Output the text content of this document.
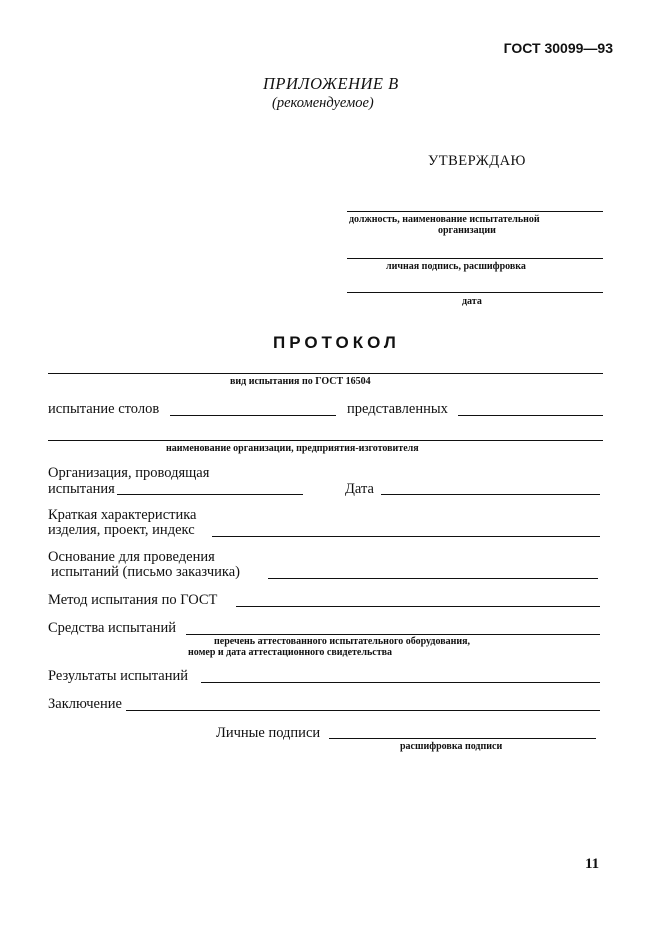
ГОСТ 30099—93
ПРИЛОЖЕНИЕ В
(рекомендуемое)
УТВЕРЖДАЮ
должность, наименование испытательной
организации
личная подпись, расшифровка
дата
ПРОТОКОЛ
вид испытания по ГОСТ 16504
испытание столов	представленных
наименование организации, предприятия-изготовителя
Организация, проводящая
испытания	Дата
Краткая характеристика
изделия, проект, индекс
Основание для проведения
испытаний (письмо заказчика)
Метод испытания по ГОСТ
Средства испытаний
перечень аттестованного испытательного оборудования,
номер и дата аттестационного свидетельства
Результаты испытаний
Заключение
Личные подписи
расшифровка подписи
11
